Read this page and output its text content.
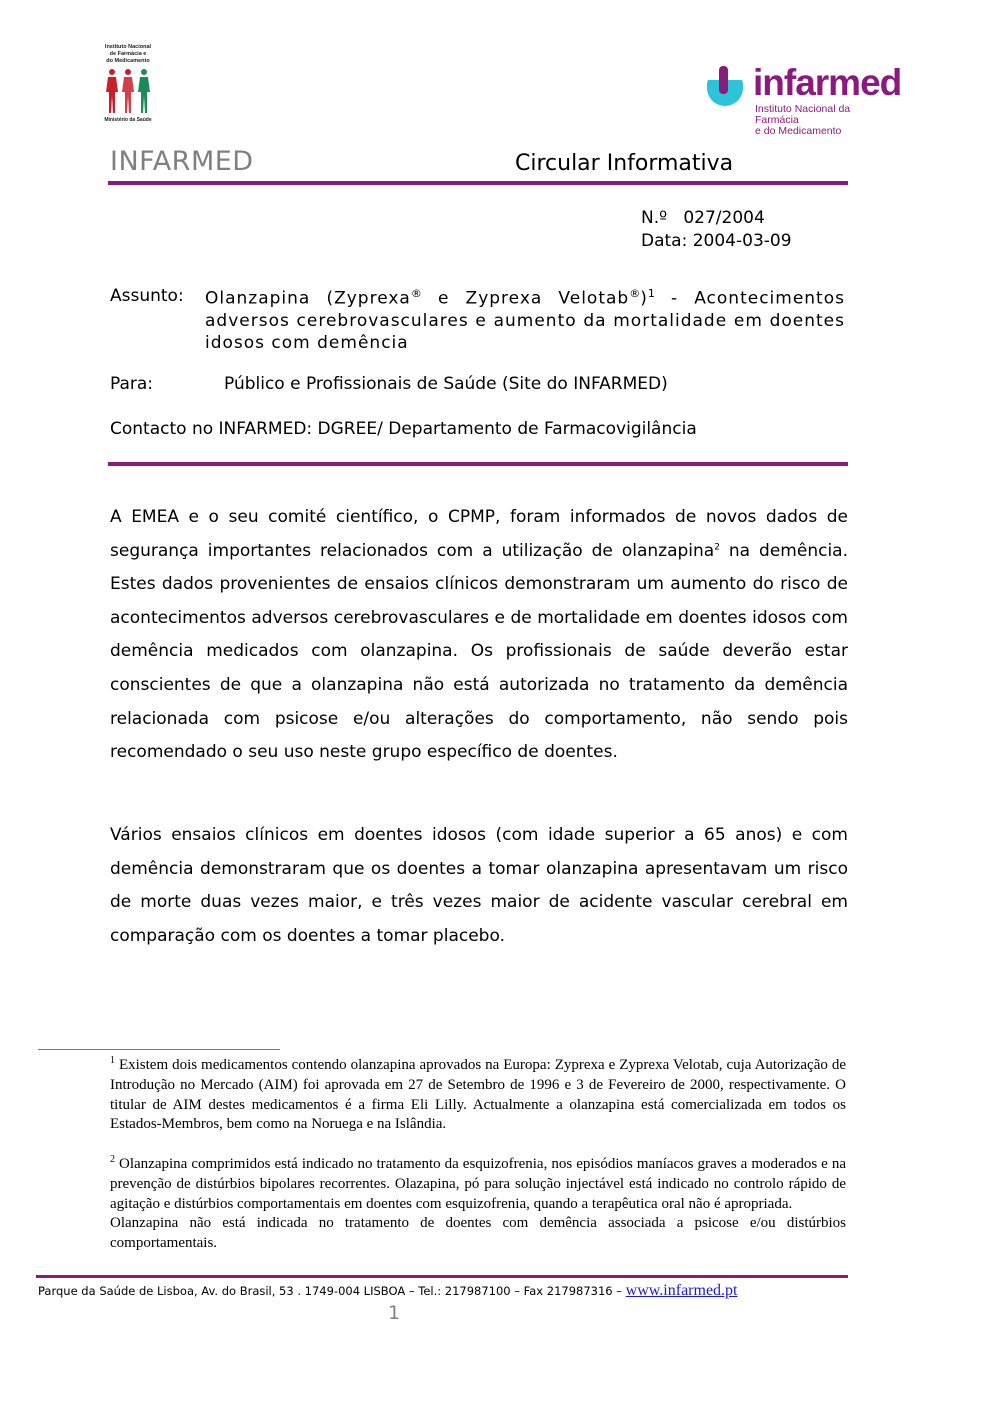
Instituto Nacional
de Farmácia e
do Medicamento
Ministério da Saúde
infarmed
Instituto Nacional da Farmácia
e do Medicamento
INFARMED	Circular Informativa
N.º 027/2004
Data: 2004-03-09
Assunto: Olanzapina (Zyprexa® e Zyprexa Velotab®)$^1$ - Acontecimentos adversos cerebrovasculares e aumento da mortalidade em doentes idosos com demência
Para:	Público e Profissionais de Saúde (Site do INFARMED)
Contacto no INFARMED: DGREE/ Departamento de Farmacovigilância
A EMEA e o seu comité científico, o CPMP, foram informados de novos dados de segurança importantes relacionados com a utilização de olanzapina$^2$ na demência. Estes dados provenientes de ensaios clínicos demonstraram um aumento do risco de acontecimentos adversos cerebrovasculares e de mortalidade em doentes idosos com demência medicados com olanzapina. Os profissionais de saúde deverão estar conscientes de que a olanzapina não está autorizada no tratamento da demência relacionada com psicose e/ou alterações do comportamento, não sendo pois recomendado o seu uso neste grupo específico de doentes.
Vários ensaios clínicos em doentes idosos (com idade superior a 65 anos) e com demência demonstraram que os doentes a tomar olanzapina apresentavam um risco de morte duas vezes maior, e três vezes maior de acidente vascular cerebral em comparação com os doentes a tomar placebo.
$^1$ Existem dois medicamentos contendo olanzapina aprovados na Europa: Zyprexa e Zyprexa Velotab, cuja Autorização de Introdução no Mercado (AIM) foi aprovada em 27 de Setembro de 1996 e 3 de Fevereiro de 2000, respectivamente. O titular de AIM destes medicamentos é a firma Eli Lilly. Actualmente a olanzapina está comercializada em todos os Estados-Membros, bem como na Noruega e na Islândia.
$^2$ Olanzapina comprimidos está indicado no tratamento da esquizofrenia, nos episódios maníacos graves a moderados e na prevenção de distúrbios bipolares recorrentes. Olazapina, pó para solução injectável está indicado no controlo rápido de agitação e distúrbios comportamentais em doentes com esquizofrenia, quando a terapêutica oral não é apropriada.
Olanzapina não está indicada no tratamento de doentes com demência associada a psicose e/ou distúrbios comportamentais.
Parque da Saúde de Lisboa, Av. do Brasil, 53 . 1749-004 LISBOA – Tel.: 217987100 – Fax 217987316 – www.infarmed.pt
1
